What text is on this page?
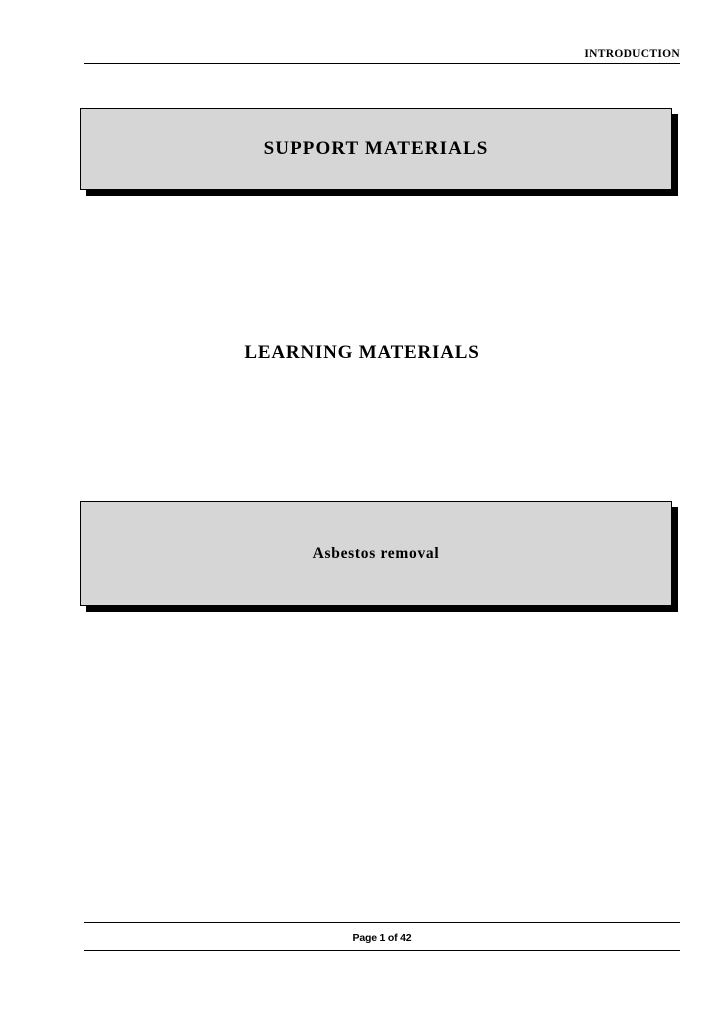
INTRODUCTION
SUPPORT MATERIALS
LEARNING MATERIALS
Asbestos removal
Page 1 of 42
